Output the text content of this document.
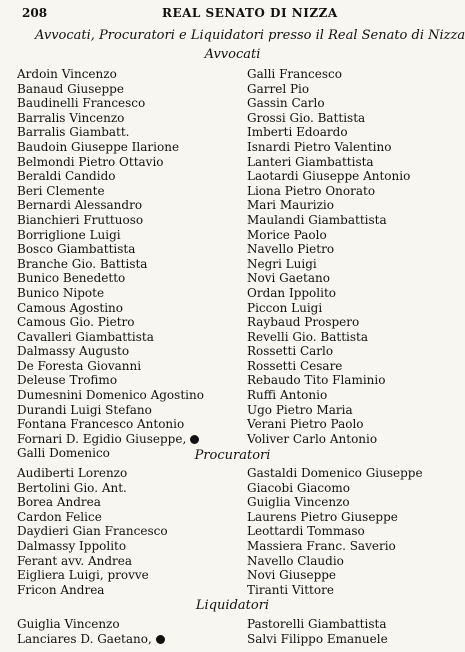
208	REAL SENATO DI NIZZA
Avvocati, Procuratori e Liquidatori presso il Real Senato di Nizza
Avvocati
Ardoin Vincenzo
Banaud Giuseppe
Baudinelli Francesco
Barralis Vincenzo
Barralis Giambatt.
Baudoin Giuseppe Ilarione
Belmondi Pietro Ottavio
Beraldi Candido
Beri Clemente
Bernardi Alessandro
Bianchieri Fruttuoso
Borriglione Luigi
Bosco Giambattista
Branche Gio. Battista
Bunico Benedetto
Bunico Nipote
Camous Agostino
Camous Gio. Pietro
Cavalleri Giambattista
Dalmassy Augusto
De Foresta Giovanni
Deleuse Trofimo
Dumesnini Domenico Agostino
Durandi Luigi Stefano
Fontana Francesco Antonio
Fornari D. Egidio Giuseppe,
Galli Domenico
Galli Francesco
Garrel Pio
Gassin Carlo
Grossi Gio. Battista
Imberti Edoardo
Isnardi Pietro Valentino
Lanteri Giambattista
Laotardi Giuseppe Antonio
Liona Pietro Onorato
Mari Maurizio
Maulandi Giambattista
Morice Paolo
Navello Pietro
Negri Luigi
Novi Gaetano
Ordan Ippolito
Piccon Luigi
Raybaud Prospero
Revelli Gio. Battista
Rossetti Carlo
Rossetti Cesare
Rebaudo Tito Flaminio
Ruffi Antonio
Ugo Pietro Maria
Verani Pietro Paolo
Voliver Carlo Antonio
Procuratori
Audiberti Lorenzo
Bertolini Gio. Ant.
Borea Andrea
Cardon Felice
Daydieri Gian Francesco
Dalmassy Ippolito
Ferant avv. Andrea
Eigliera Luigi, provve
Fricon Andrea
Gastaldi Domenico Giuseppe
Giacobi Giacomo
Guiglia Vincenzo
Laurens Pietro Giuseppe
Leottardi Tommaso
Massiera Franc. Saverio
Navello Claudio
Novi Giuseppe
Tiranti Vittore
Liquidatori
Guiglia Vincenzo
Lanciares D. Gaetano,
Pastorelli Giambattista
Salvi Filippo Emanuele
